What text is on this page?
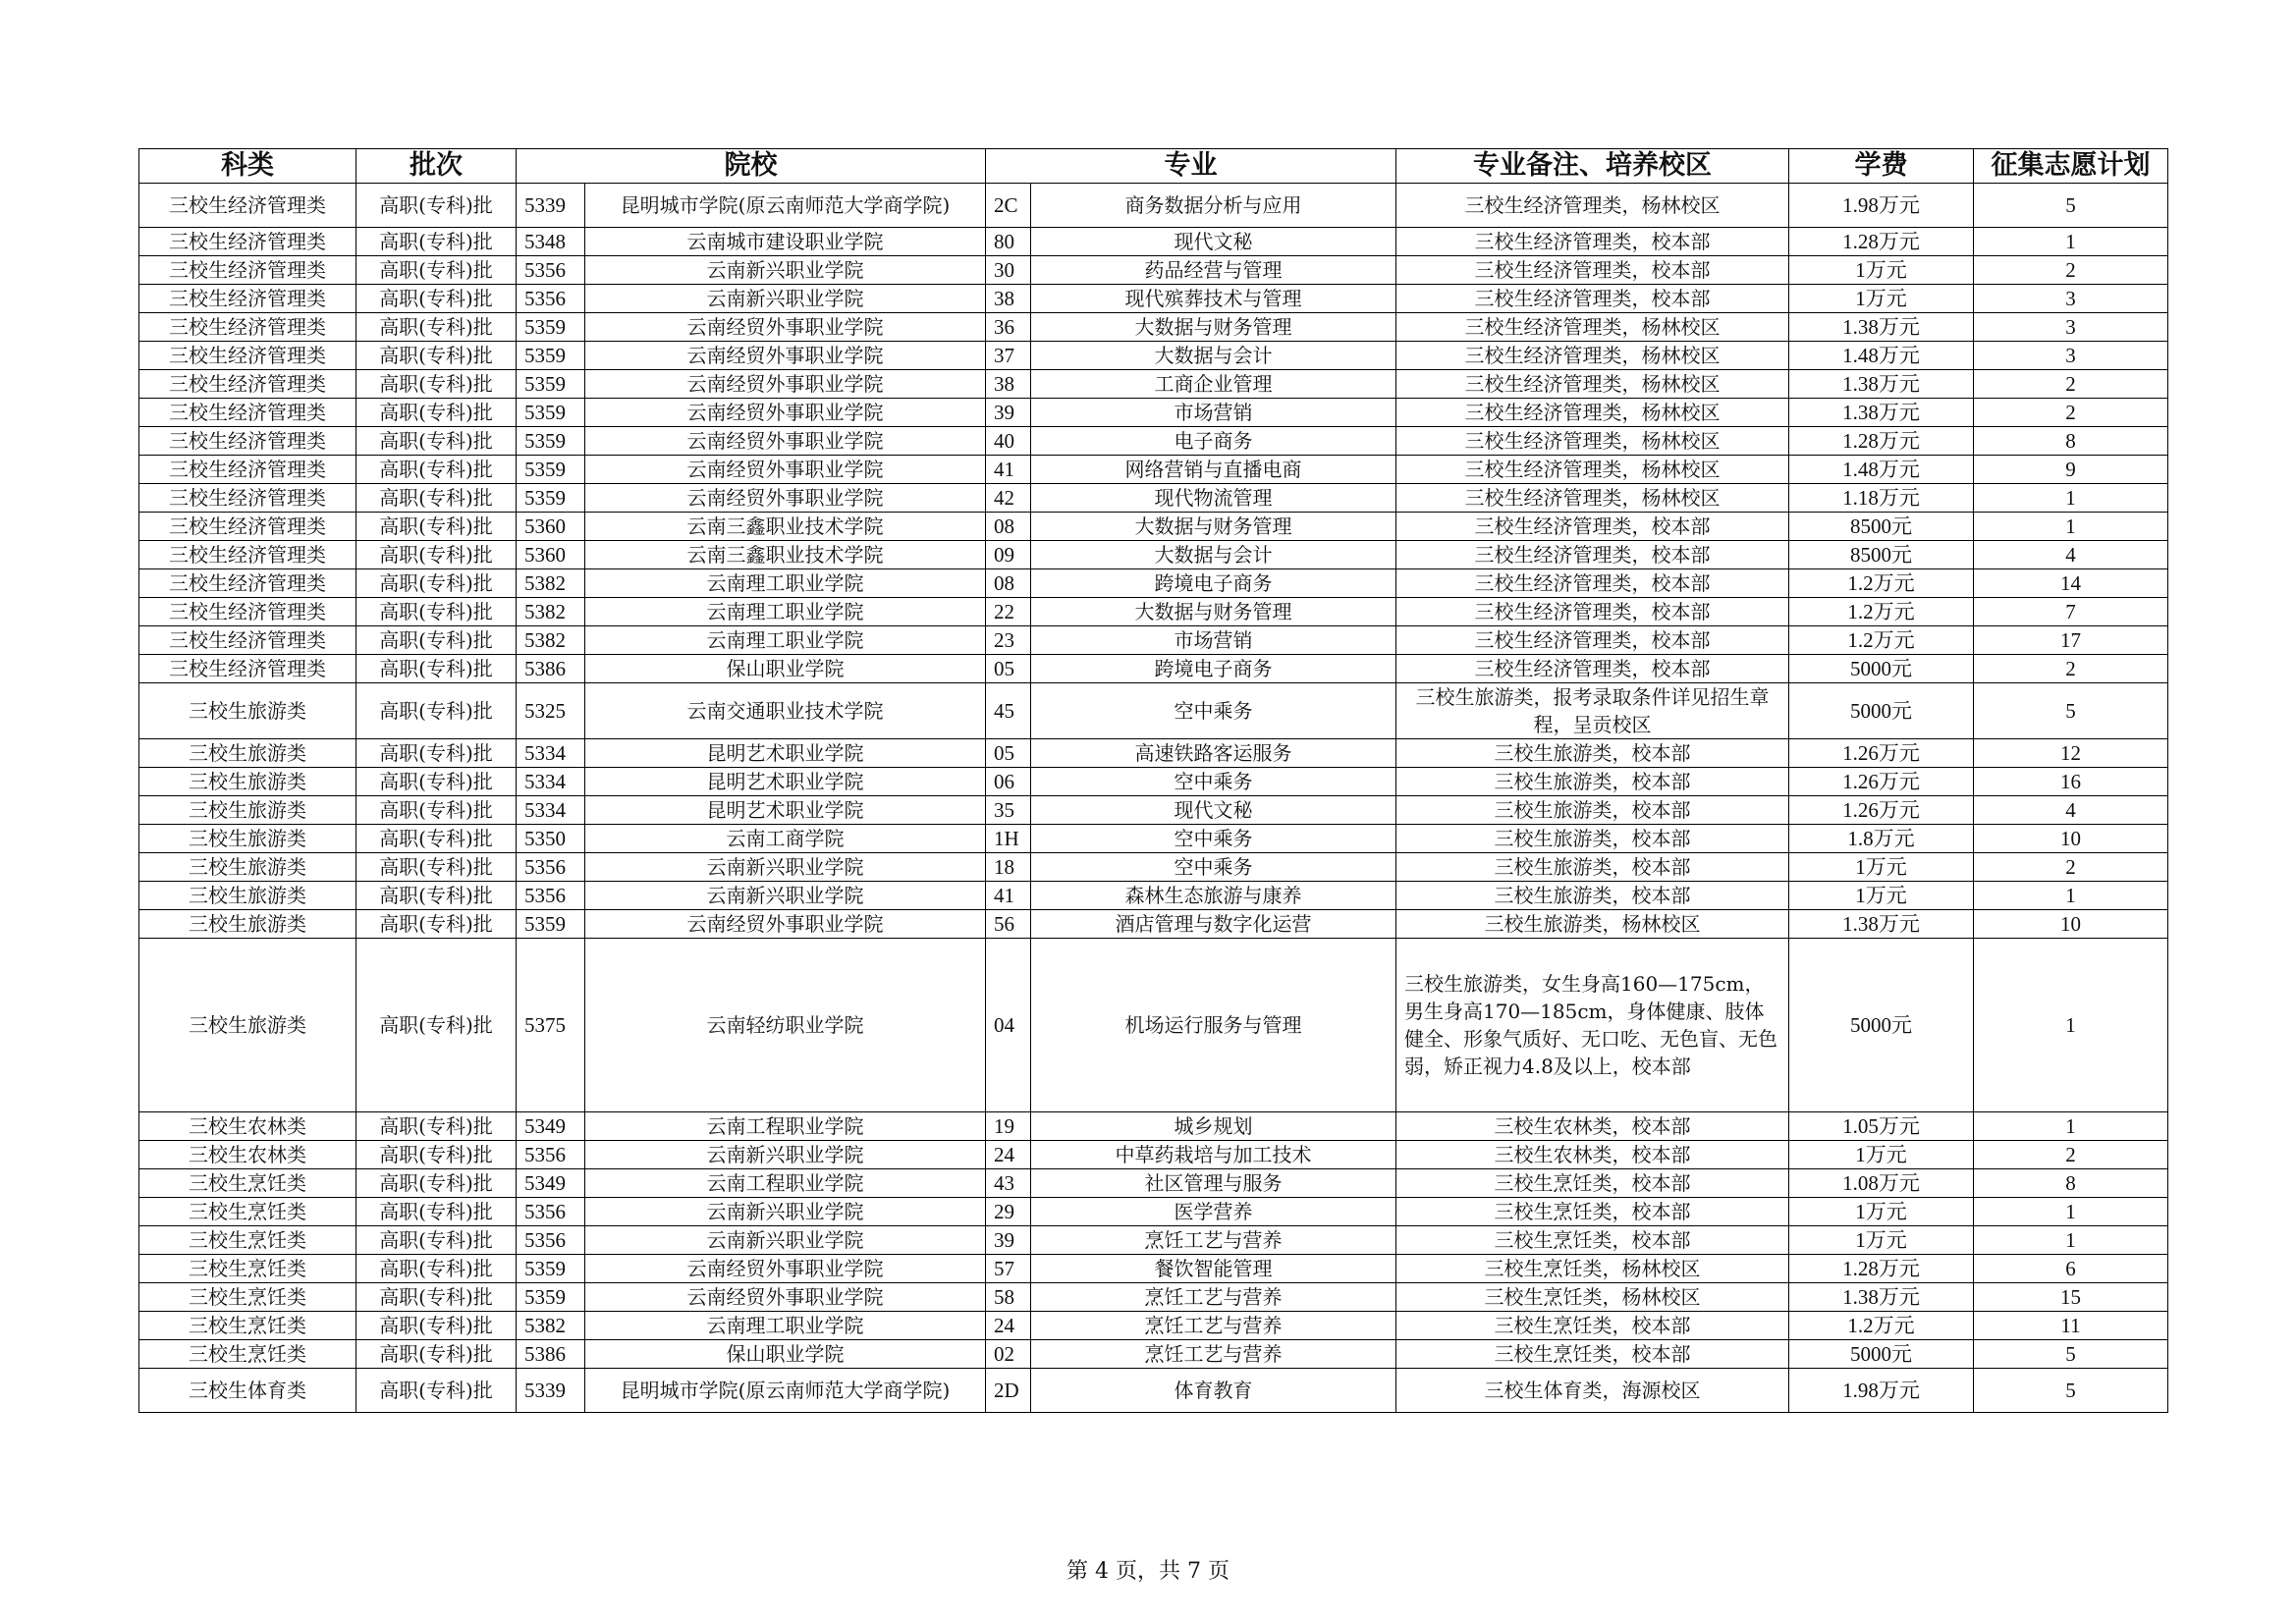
科类	批次	院校		专业		专业备注、培养校区	学费	征集志愿计划
三校生经济管理类	高职(专科)批	5339	昆明城市学院(原云南师范大学商学院)	2C	商务数据分析与应用	三校生经济管理类，杨林校区	1.98万元	5
三校生经济管理类	高职(专科)批	5348	云南城市建设职业学院	80	现代文秘	三校生经济管理类，校本部	1.28万元	1
三校生经济管理类	高职(专科)批	5356	云南新兴职业学院	30	药品经营与管理	三校生经济管理类，校本部	1万元	2
三校生经济管理类	高职(专科)批	5356	云南新兴职业学院	38	现代殡葬技术与管理	三校生经济管理类，校本部	1万元	3
三校生经济管理类	高职(专科)批	5359	云南经贸外事职业学院	36	大数据与财务管理	三校生经济管理类，杨林校区	1.38万元	3
三校生经济管理类	高职(专科)批	5359	云南经贸外事职业学院	37	大数据与会计	三校生经济管理类，杨林校区	1.48万元	3
三校生经济管理类	高职(专科)批	5359	云南经贸外事职业学院	38	工商企业管理	三校生经济管理类，杨林校区	1.38万元	2
三校生经济管理类	高职(专科)批	5359	云南经贸外事职业学院	39	市场营销	三校生经济管理类，杨林校区	1.38万元	2
三校生经济管理类	高职(专科)批	5359	云南经贸外事职业学院	40	电子商务	三校生经济管理类，杨林校区	1.28万元	8
三校生经济管理类	高职(专科)批	5359	云南经贸外事职业学院	41	网络营销与直播电商	三校生经济管理类，杨林校区	1.48万元	9
三校生经济管理类	高职(专科)批	5359	云南经贸外事职业学院	42	现代物流管理	三校生经济管理类，杨林校区	1.18万元	1
三校生经济管理类	高职(专科)批	5360	云南三鑫职业技术学院	08	大数据与财务管理	三校生经济管理类，校本部	8500元	1
三校生经济管理类	高职(专科)批	5360	云南三鑫职业技术学院	09	大数据与会计	三校生经济管理类，校本部	8500元	4
三校生经济管理类	高职(专科)批	5382	云南理工职业学院	08	跨境电子商务	三校生经济管理类，校本部	1.2万元	14
三校生经济管理类	高职(专科)批	5382	云南理工职业学院	22	大数据与财务管理	三校生经济管理类，校本部	1.2万元	7
三校生经济管理类	高职(专科)批	5382	云南理工职业学院	23	市场营销	三校生经济管理类，校本部	1.2万元	17
三校生经济管理类	高职(专科)批	5386	保山职业学院	05	跨境电子商务	三校生经济管理类，校本部	5000元	2
三校生旅游类	高职(专科)批	5325	云南交通职业技术学院	45	空中乘务	三校生旅游类，报考录取条件详见招生章程，呈贡校区	5000元	5
三校生旅游类	高职(专科)批	5334	昆明艺术职业学院	05	高速铁路客运服务	三校生旅游类，校本部	1.26万元	12
三校生旅游类	高职(专科)批	5334	昆明艺术职业学院	06	空中乘务	三校生旅游类，校本部	1.26万元	16
三校生旅游类	高职(专科)批	5334	昆明艺术职业学院	35	现代文秘	三校生旅游类，校本部	1.26万元	4
三校生旅游类	高职(专科)批	5350	云南工商学院	1H	空中乘务	三校生旅游类，校本部	1.8万元	10
三校生旅游类	高职(专科)批	5356	云南新兴职业学院	18	空中乘务	三校生旅游类，校本部	1万元	2
三校生旅游类	高职(专科)批	5356	云南新兴职业学院	41	森林生态旅游与康养	三校生旅游类，校本部	1万元	1
三校生旅游类	高职(专科)批	5359	云南经贸外事职业学院	56	酒店管理与数字化运营	三校生旅游类，杨林校区	1.38万元	10
三校生旅游类	高职(专科)批	5375	云南轻纺职业学院	04	机场运行服务与管理	三校生旅游类，女生身高160—175cm，男生身高170—185cm，身体健康、肢体健全、形象气质好、无口吃、无色盲、无色弱，矫正视力4.8及以上，校本部	5000元	1
三校生农林类	高职(专科)批	5349	云南工程职业学院	19	城乡规划	三校生农林类，校本部	1.05万元	1
三校生农林类	高职(专科)批	5356	云南新兴职业学院	24	中草药栽培与加工技术	三校生农林类，校本部	1万元	2
三校生烹饪类	高职(专科)批	5349	云南工程职业学院	43	社区管理与服务	三校生烹饪类，校本部	1.08万元	8
三校生烹饪类	高职(专科)批	5356	云南新兴职业学院	29	医学营养	三校生烹饪类，校本部	1万元	1
三校生烹饪类	高职(专科)批	5356	云南新兴职业学院	39	烹饪工艺与营养	三校生烹饪类，校本部	1万元	1
三校生烹饪类	高职(专科)批	5359	云南经贸外事职业学院	57	餐饮智能管理	三校生烹饪类，杨林校区	1.28万元	6
三校生烹饪类	高职(专科)批	5359	云南经贸外事职业学院	58	烹饪工艺与营养	三校生烹饪类，杨林校区	1.38万元	15
三校生烹饪类	高职(专科)批	5382	云南理工职业学院	24	烹饪工艺与营养	三校生烹饪类，校本部	1.2万元	11
三校生烹饪类	高职(专科)批	5386	保山职业学院	02	烹饪工艺与营养	三校生烹饪类，校本部	5000元	5
三校生体育类	高职(专科)批	5339	昆明城市学院(原云南师范大学商学院)	2D	体育教育	三校生体育类，海源校区	1.98万元	5
第 4 页，共 7 页
